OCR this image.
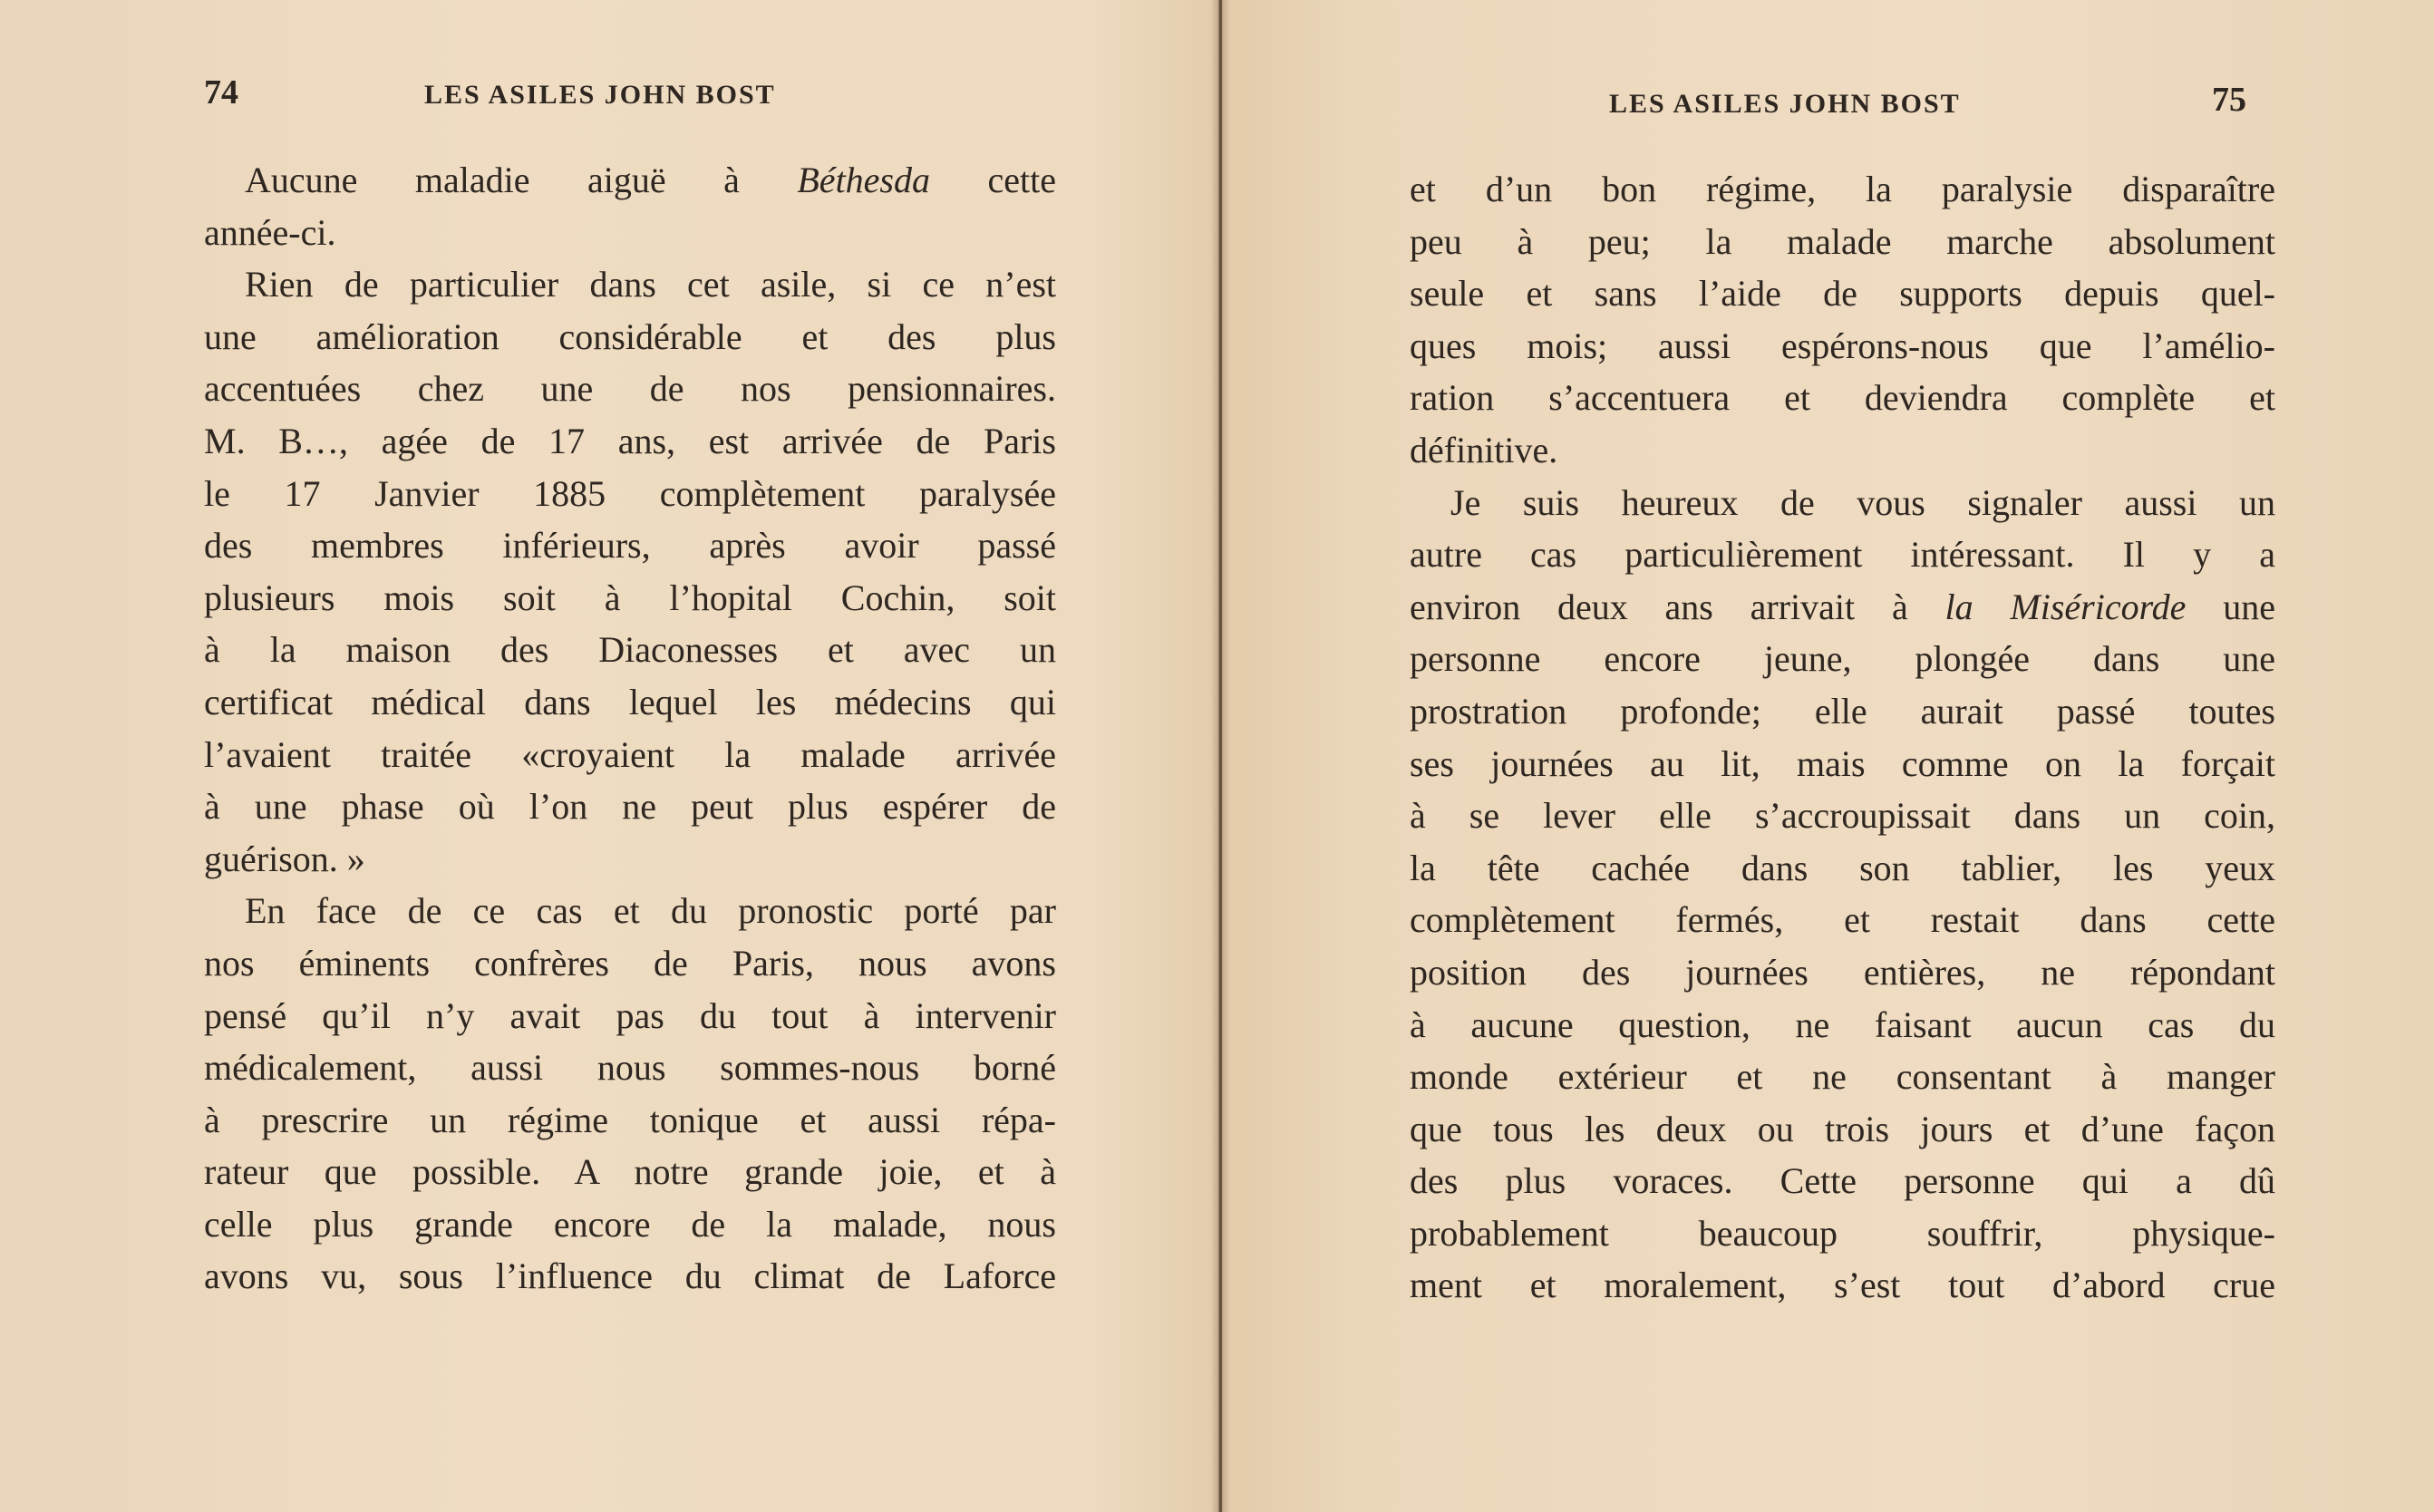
74	LES ASILES JOHN BOST
Aucune maladie aiguë à Béthesda cette
année-ci.
Rien de particulier dans cet asile, si ce n’est
une amélioration considérable et des plus
accentuées chez une de nos pensionnaires.
M. B…, agée de 17 ans, est arrivée de Paris
le 17 Janvier 1885 complètement paralysée
des membres inférieurs, après avoir passé
plusieurs mois soit à l’hopital Cochin, soit
à la maison des Diaconesses et avec un
certificat médical dans lequel les médecins qui
l’avaient traitée «croyaient la malade arrivée
à une phase où l’on ne peut plus espérer de
guérison. »
En face de ce cas et du pronostic porté par
nos éminents confrères de Paris, nous avons
pensé qu’il n’y avait pas du tout à intervenir
médicalement, aussi nous sommes-nous borné
à prescrire un régime tonique et aussi répa-
rateur que possible. A notre grande joie, et à
celle plus grande encore de la malade, nous
avons vu, sous l’influence du climat de Laforce
LES ASILES JOHN BOST	75
et d’un bon régime, la paralysie disparaître
peu à peu; la malade marche absolument
seule et sans l’aide de supports depuis quel-
ques mois; aussi espérons-nous que l’amélio-
ration s’accentuera et deviendra complète et
définitive.
Je suis heureux de vous signaler aussi un
autre cas particulièrement intéressant. Il y a
environ deux ans arrivait à la Miséricorde une
personne encore jeune, plongée dans une
prostration profonde; elle aurait passé toutes
ses journées au lit, mais comme on la forçait
à se lever elle s’accroupissait dans un coin,
la tête cachée dans son tablier, les yeux
complètement fermés, et restait dans cette
position des journées entières, ne répondant
à aucune question, ne faisant aucun cas du
monde extérieur et ne consentant à manger
que tous les deux ou trois jours et d’une façon
des plus voraces. Cette personne qui a dû
probablement beaucoup souffrir, physique-
ment et moralement, s’est tout d’abord crue
